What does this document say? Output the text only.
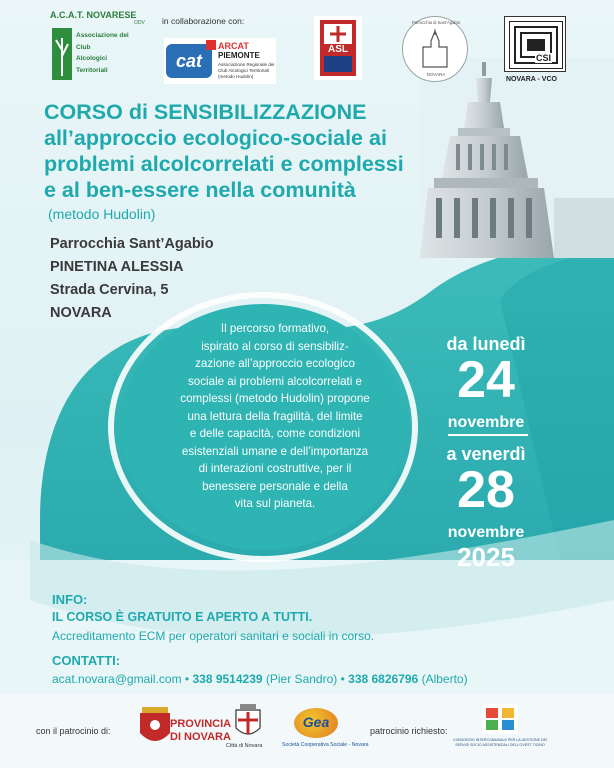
A.C.A.T. NOVARESE
ODV
Associazione dei
Club
Alcologici
Territoriali
in collaborazione con:
cat
ARCAT
PIEMONTE
Associazione Regionale dei
Club Alcologici Territoriali
(metodo Hudolin)
ASL
Parrocchia di Sant'Agabio
NOVARA
CSI
NOVARA - VCO
CORSO di SENSIBILIZZAZIONE
all’approccio ecologico-sociale ai
problemi alcolcorrelati e complessi
e al ben-essere nella comunità
(metodo Hudolin)
Parrocchia Sant’Agabio
PINETINA ALESSIA
Strada Cervina, 5
NOVARA
Il percorso formativo,
ispirato al corso di sensibiliz-
zazione all’approccio ecologico
sociale ai problemi alcolcorrelati e
complessi (metodo Hudolin) propone
una lettura della fragilità, del limite
e delle capacità, come condizioni
esistenziali umane e dell’importanza
di interazioni costruttive, per il
benessere personale e della
vita sul pianeta.
da lunedì
24
novembre
a venerdì
28
novembre
2025
INFO:
IL CORSO È GRATUITO E APERTO A TUTTI.
Accreditamento ECM per operatori sanitari e sociali in corso.
CONTATTI:
acat.novara@gmail.com • 338 9514239 (Pier Sandro) • 338 6826796 (Alberto)
con il patrocinio di:
PROVINCIA
DI NOVARA
Città di Novara
Gea
Società Cooperativa Sociale - Novara
patrocinio richiesto:
CONSORZIO INTERCOMUNALE PER LA GESTIONE DEI SERVIZI SOCIO ASSISTENZIALI DELL'OVEST TICINO
